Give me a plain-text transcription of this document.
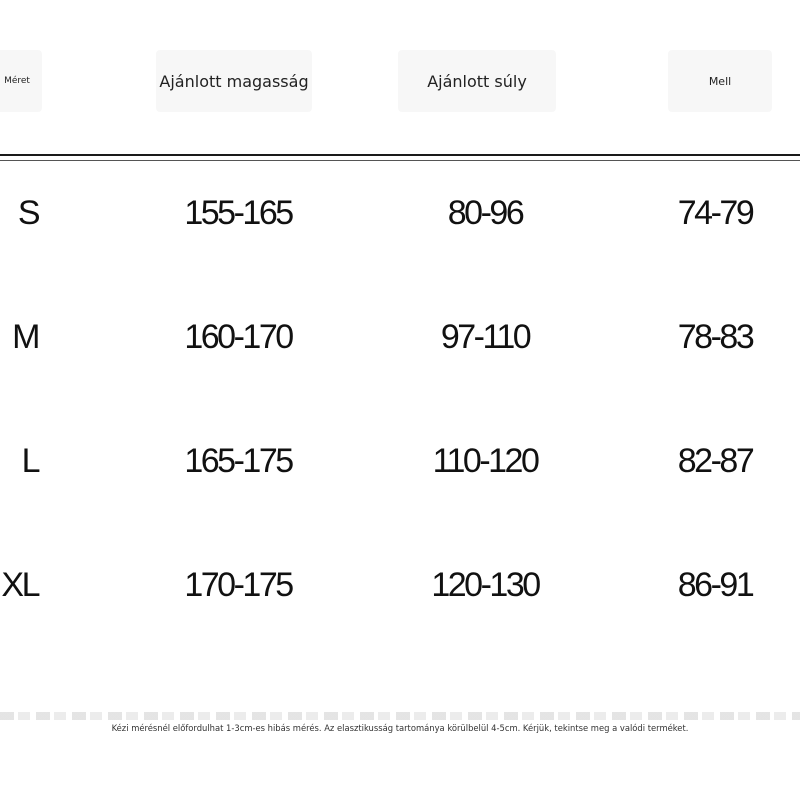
Méret	Ajánlott magasság	Ajánlott súly	Mell
S	155-165	80-96	74-79
M	160-170	97-110	78-83
L	165-175	110-120	82-87
XL	170-175	120-130	86-91
Kézi mérésnél előfordulhat 1-3cm-es hibás mérés. Az elasztikusság tartománya körülbelül 4-5cm. Kérjük, tekintse meg a valódi terméket.
